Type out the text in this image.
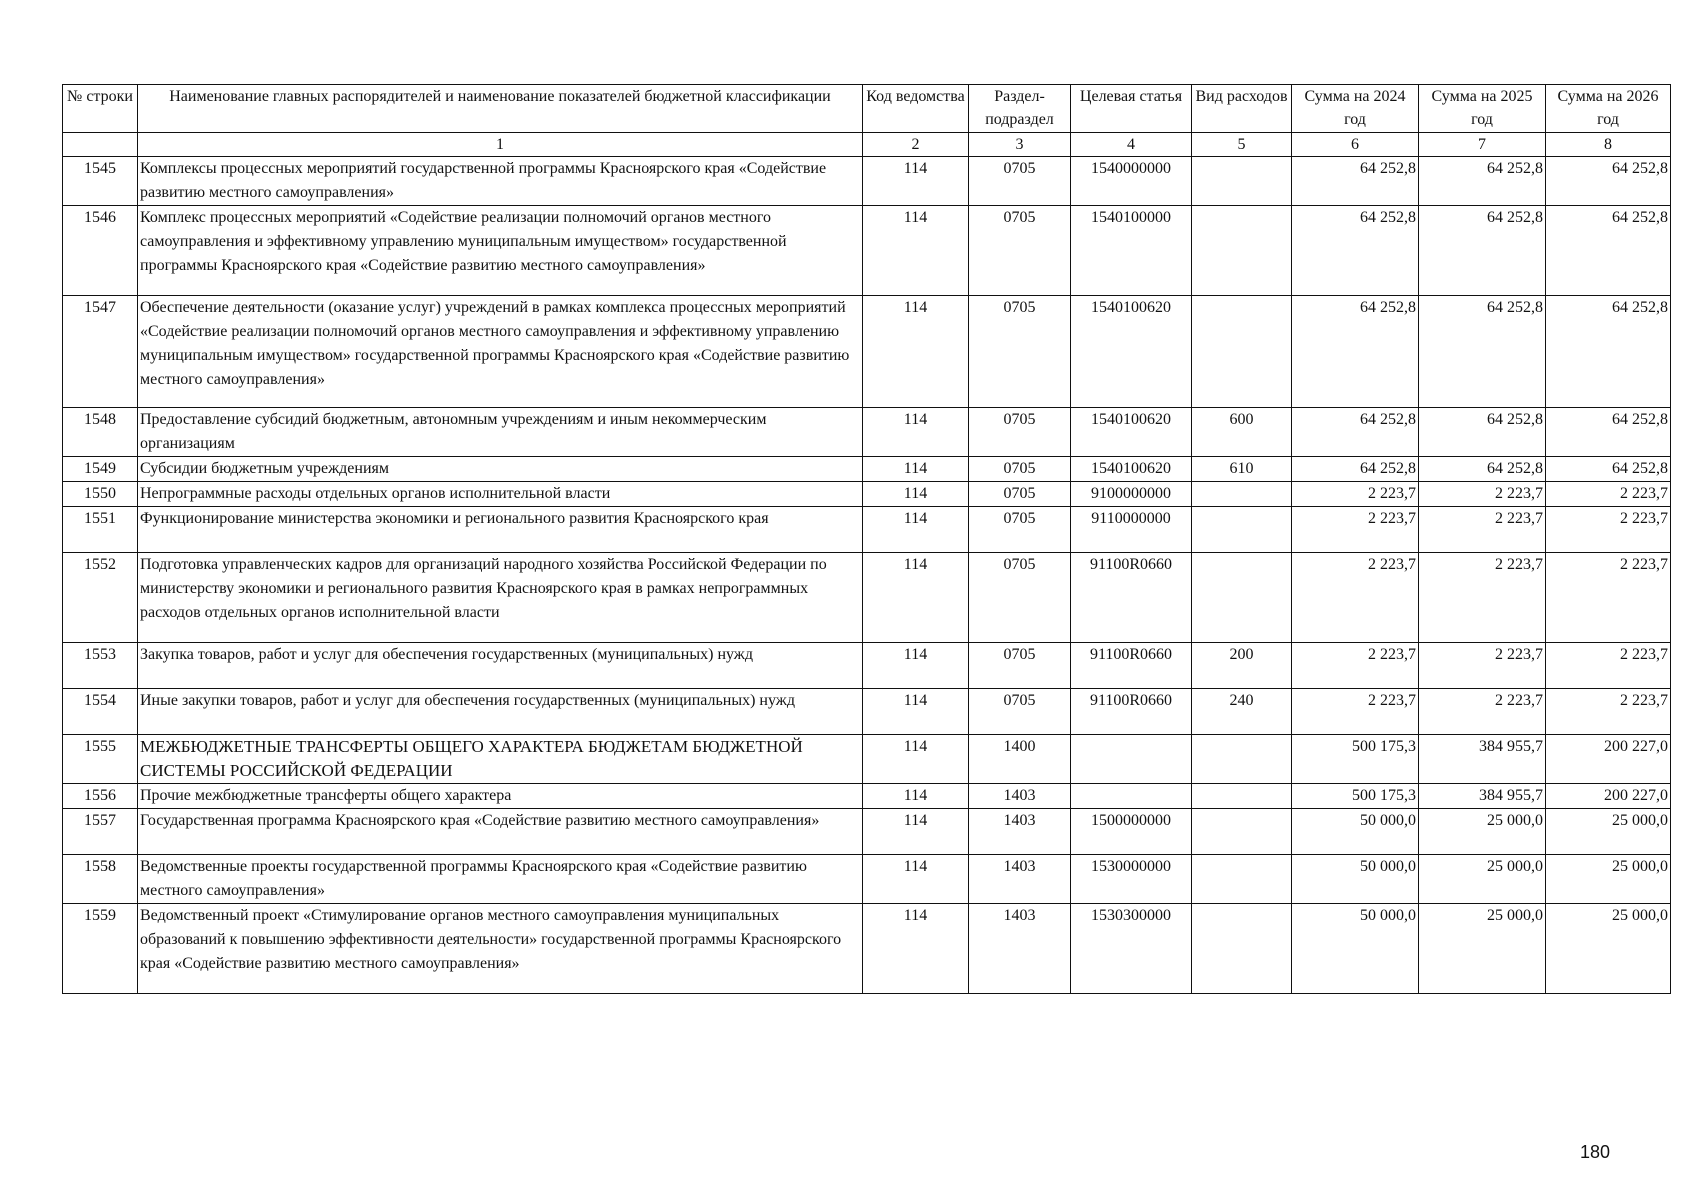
№ строки	Наименование главных распорядителей и наименование показателей бюджетной классификации	Код ведомства	Раздел-подраздел	Целевая статья	Вид расходов	Сумма на 2024 год	Сумма на 2025 год	Сумма на 2026 год
	1	2	3	4	5	6	7	8
1545	Комплексы процессных мероприятий государственной программы Красноярского края «Содействие развитию местного самоуправления»	114	0705	1540000000		64 252,8	64 252,8	64 252,8
1546	Комплекс процессных мероприятий «Содействие реализации полномочий органов местного самоуправления и эффективному управлению муниципальным имуществом» государственной программы Красноярского края «Содействие развитию местного самоуправления»	114	0705	1540100000		64 252,8	64 252,8	64 252,8
1547	Обеспечение деятельности (оказание услуг) учреждений в рамках комплекса процессных мероприятий «Содействие реализации полномочий органов местного самоуправления и эффективному управлению муниципальным имуществом» государственной программы Красноярского края «Содействие развитию местного самоуправления»	114	0705	1540100620		64 252,8	64 252,8	64 252,8
1548	Предоставление субсидий бюджетным, автономным учреждениям и иным некоммерческим организациям	114	0705	1540100620	600	64 252,8	64 252,8	64 252,8
1549	Субсидии бюджетным учреждениям	114	0705	1540100620	610	64 252,8	64 252,8	64 252,8
1550	Непрограммные расходы отдельных органов исполнительной власти	114	0705	9100000000		2 223,7	2 223,7	2 223,7
1551	Функционирование министерства экономики и регионального развития Красноярского края	114	0705	9110000000		2 223,7	2 223,7	2 223,7
1552	Подготовка управленческих кадров для организаций народного хозяйства Российской Федерации по министерству экономики и регионального развития Красноярского края в рамках непрограммных расходов отдельных органов исполнительной власти	114	0705	91100R0660		2 223,7	2 223,7	2 223,7
1553	Закупка товаров, работ и услуг для обеспечения государственных (муниципальных) нужд	114	0705	91100R0660	200	2 223,7	2 223,7	2 223,7
1554	Иные закупки товаров, работ и услуг для обеспечения государственных (муниципальных) нужд	114	0705	91100R0660	240	2 223,7	2 223,7	2 223,7
1555	МЕЖБЮДЖЕТНЫЕ ТРАНСФЕРТЫ ОБЩЕГО ХАРАКТЕРА БЮДЖЕТАМ БЮДЖЕТНОЙ СИСТЕМЫ РОССИЙСКОЙ ФЕДЕРАЦИИ	114	1400			500 175,3	384 955,7	200 227,0
1556	Прочие межбюджетные трансферты общего характера	114	1403			500 175,3	384 955,7	200 227,0
1557	Государственная программа Красноярского края «Содействие развитию местного самоуправления»	114	1403	1500000000		50 000,0	25 000,0	25 000,0
1558	Ведомственные проекты государственной программы Красноярского края «Содействие развитию местного самоуправления»	114	1403	1530000000		50 000,0	25 000,0	25 000,0
1559	Ведомственный проект «Стимулирование органов местного самоуправления муниципальных образований к повышению эффективности деятельности» государственной программы Красноярского края «Содействие развитию местного самоуправления»	114	1403	1530300000		50 000,0	25 000,0	25 000,0
180
